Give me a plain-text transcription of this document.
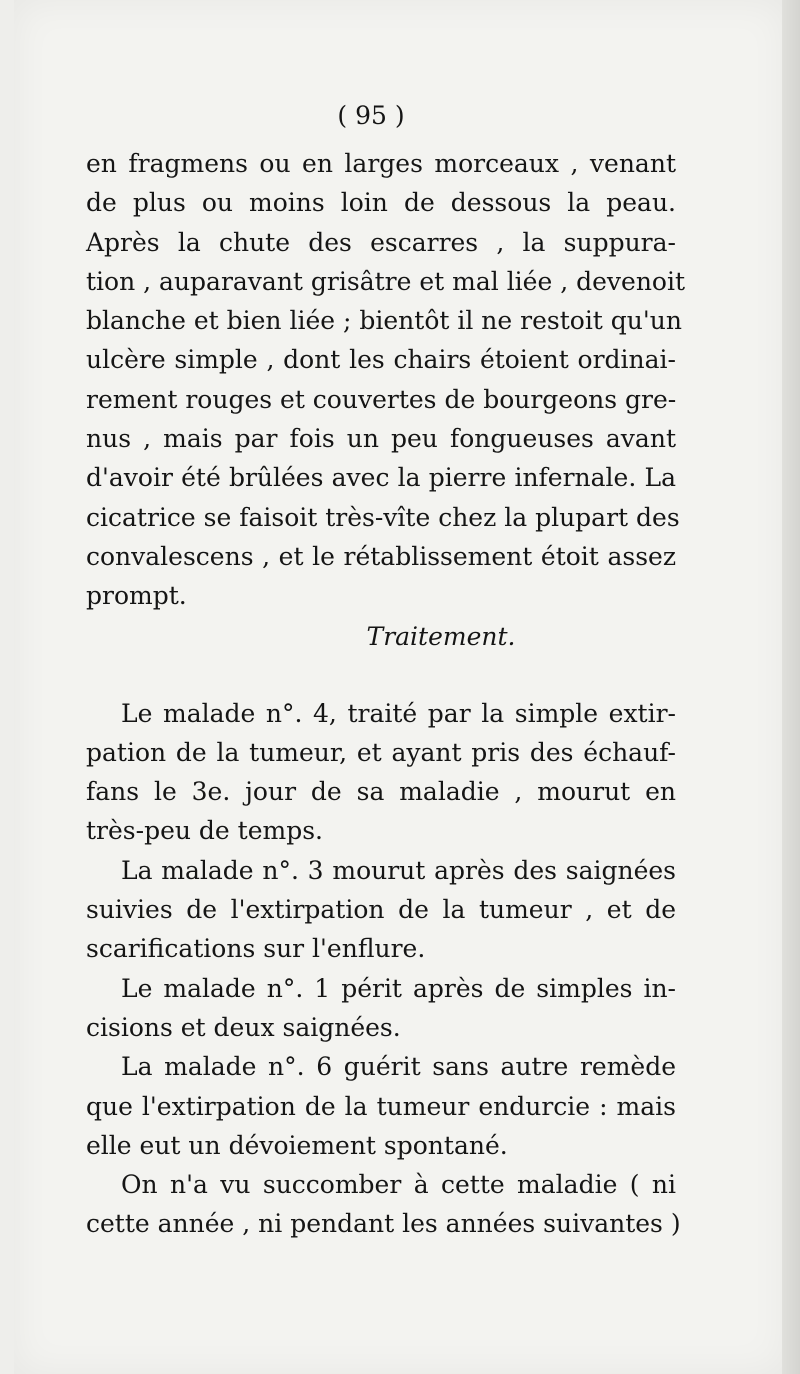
( 95 )
en fragmens ou en larges morceaux , venant
de plus ou moins loin de dessous la peau.
Après la chute des escarres , la suppura-
tion , auparavant grisâtre et mal liée , devenoit
blanche et bien liée ; bientôt il ne restoit qu'un
ulcère simple , dont les chairs étoient ordinai-
rement rouges et couvertes de bourgeons gre-
nus , mais par fois un peu fongueuses avant
d'avoir été brûlées avec la pierre infernale. La
cicatrice se faisoit très-vîte chez la plupart des
convalescens , et le rétablissement étoit assez
prompt.
Traitement.
Le malade n°. 4, traité par la simple extir-
pation de la tumeur, et ayant pris des échauf-
fans le 3e. jour de sa maladie , mourut en
très-peu de temps.
La malade n°. 3 mourut après des saignées
suivies de l'extirpation de la tumeur , et de
scarifications sur l'enflure.
Le malade n°. 1 périt après de simples in-
cisions et deux saignées.
La malade n°. 6 guérit sans autre remède
que l'extirpation de la tumeur endurcie : mais
elle eut un dévoiement spontané.
On n'a vu succomber à cette maladie ( ni
cette année , ni pendant les années suivantes )
